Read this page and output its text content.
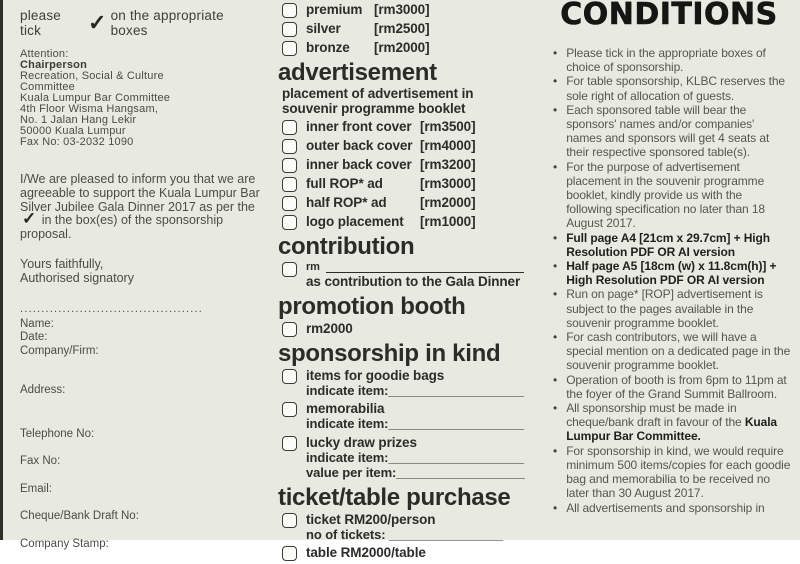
please tick	✓ on the appropriate boxes
Attention:
Chairperson
Recreation, Social & Culture
Committee
Kuala Lumpur Bar Committee
4th Floor Wisma Hangsam,
No. 1 Jalan Hang Lekir
50000 Kuala Lumpur
Fax No: 03-2032 1090

I/We are pleased to inform you that we are agreeable to support the Kuala Lumpur Bar Silver Jubilee Gala Dinner 2017 as per the ✓ in the box(es) of the sponsorship proposal.

Yours faithfully,
Authorised signatory
...........................................
Name:
Date:
Company/Firm:
Address:
Telephone No:
Fax No:
Email:
Cheque/Bank Draft No:
Company Stamp:
premium [rm3000]
silver	[rm2500]
bronze	[rm2000]
advertisement
placement of advertisement in
souvenir programme booklet
inner front cover [rm3500]
outer back cover [rm4000]
inner back cover [rm3200]
full ROP* ad	[rm3000]
half ROP* ad	[rm2000]
logo placement	[rm1000]
contribution
rm
as contribution to the Gala Dinner
promotion booth
rm2000
sponsorship in kind
items for goodie bags
indicate item:___________________
memorabilia
indicate item:___________________
lucky draw prizes
indicate item:___________________
value per item:__________________
ticket/table purchase
ticket RM200/person
no of tickets: ________________
table RM2000/table
CONDITIONS
• Please tick in the appropriate boxes of choice of sponsorship.
• For table sponsorship, KLBC reserves the sole right of allocation of guests.
• Each sponsored table will bear the sponsors' names and/or companies' names and sponsors will get 4 seats at their respective sponsored table(s).
• For the purpose of advertisement placement in the souvenir programme booklet, kindly provide us with the following specification no later than 18 August 2017.
• Full page A4 [21cm x 29.7cm] + High Resolution PDF OR AI version
• Half page A5 [18cm (w) x 11.8cm(h)] + High Resolution PDF OR AI version
• Run on page* [ROP] advertisement is subject to the pages available in the souvenir programme booklet.
• For cash contributors, we will have a special mention on a dedicated page in the souvenir programme booklet.
• Operation of booth is from 6pm to 11pm at the foyer of the Grand Summit Ballroom.
• All sponsorship must be made in cheque/bank draft in favour of the Kuala Lumpur Bar Committee.
• For sponsorship in kind, we would require minimum 500 items/copies for each goodie bag and memorabilia to be received no later than 30 August 2017.
• All advertisements and sponsorship in
